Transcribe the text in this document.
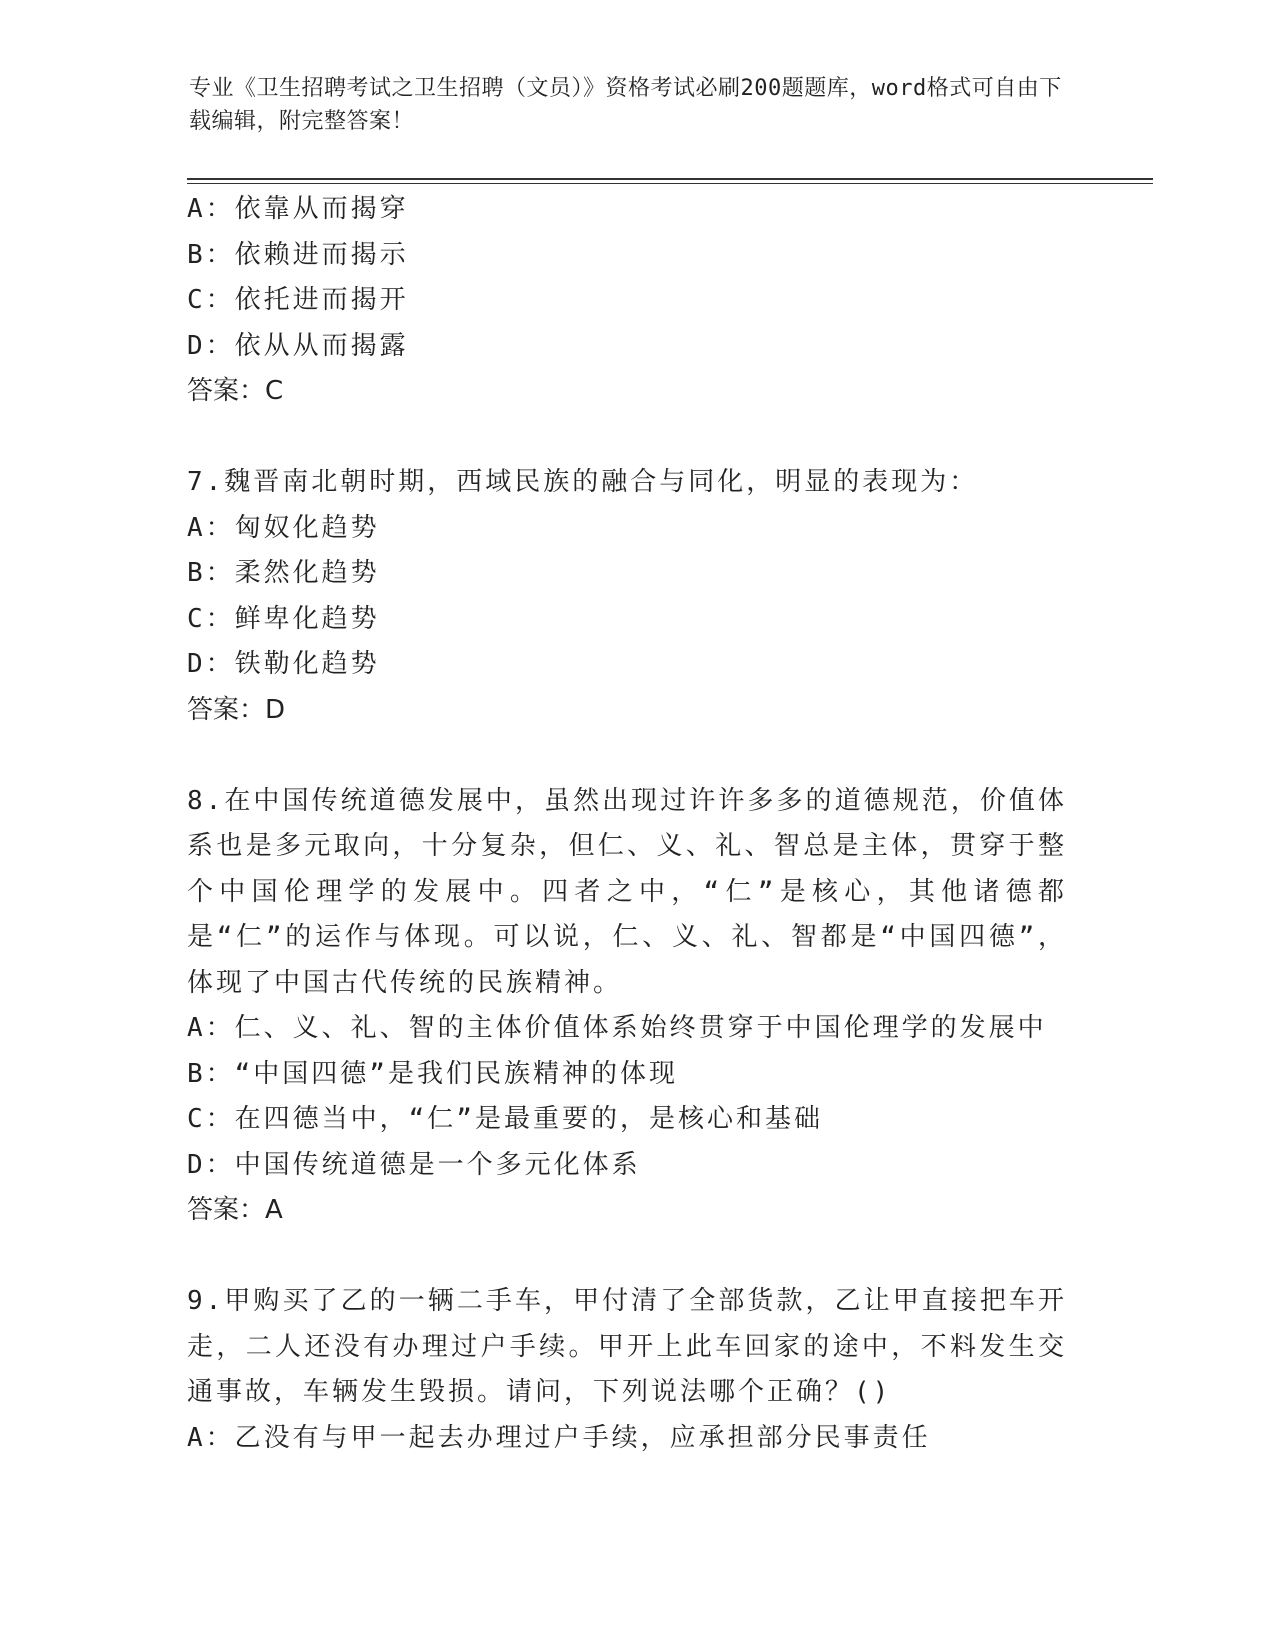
专业《卫生招聘考试之卫生招聘（文员）》资格考试必刷200题题库，word格式可自由下载编辑，附完整答案！
A：依靠从而揭穿
B：依赖进而揭示
C：依托进而揭开
D：依从从而揭露
答案：C
7.魏晋南北朝时期，西域民族的融合与同化，明显的表现为：
A：匈奴化趋势
B：柔然化趋势
C：鲜卑化趋势
D：铁勒化趋势
答案：D
8.在中国传统道德发展中，虽然出现过许许多多的道德规范，价值体系也是多元取向，十分复杂，但仁、义、礼、智总是主体，贯穿于整个中国伦理学的发展中。四者之中，“仁”是核心，其他诸德都是“仁”的运作与体现。可以说，仁、义、礼、智都是“中国四德”，体现了中国古代传统的民族精神。
A：仁、义、礼、智的主体价值体系始终贯穿于中国伦理学的发展中
B：“中国四德”是我们民族精神的体现
C：在四德当中，“仁”是最重要的，是核心和基础
D：中国传统道德是一个多元化体系
答案：A
9.甲购买了乙的一辆二手车，甲付清了全部货款，乙让甲直接把车开走，二人还没有办理过户手续。甲开上此车回家的途中，不料发生交通事故，车辆发生毁损。请问，下列说法哪个正确？()
A：乙没有与甲一起去办理过户手续，应承担部分民事责任
